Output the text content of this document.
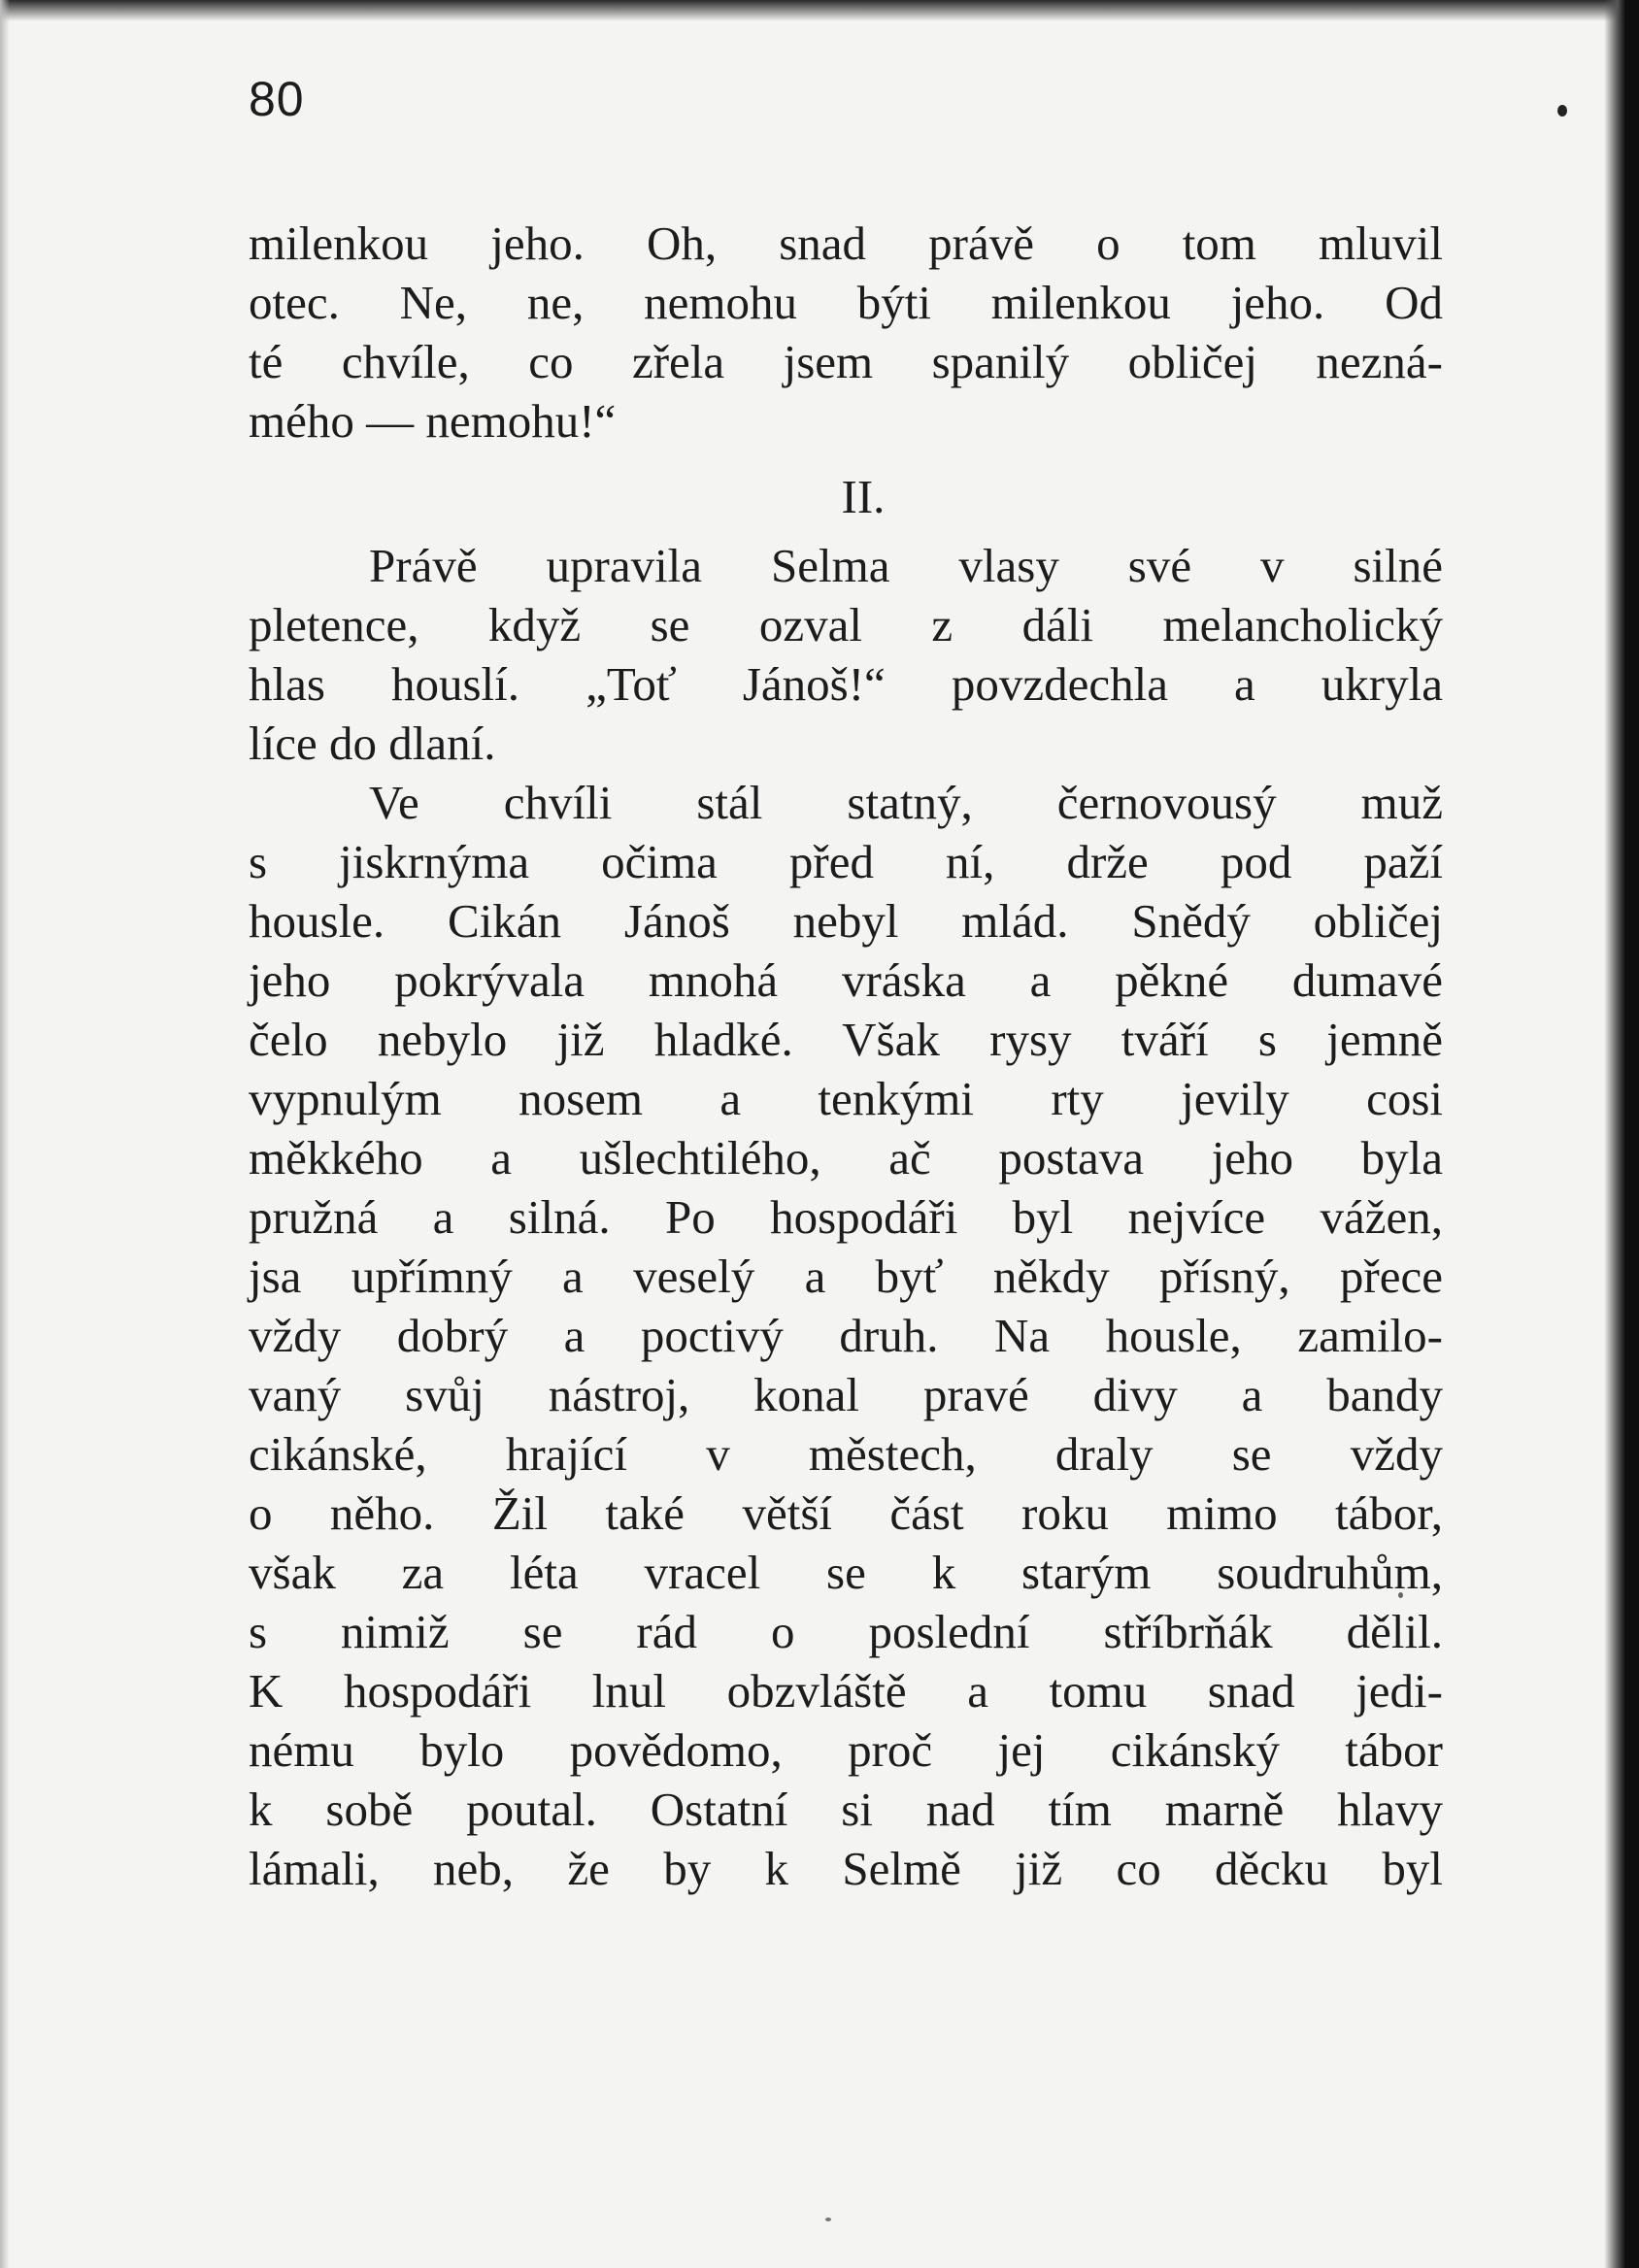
80
milenkou jeho. Oh, snad právě o tom mluvil
otec. Ne, ne, nemohu býti milenkou jeho. Od
té chvíle, co zřela jsem spanilý obličej nezná-
mého — nemohu!“
II.
Právě upravila Selma vlasy své v silné
pletence, když se ozval z dáli melancholický
hlas houslí. „Toť Jánoš!“ povzdechla a ukryla
líce do dlaní.
Ve chvíli stál statný, černovousý muž
s jiskrnýma očima před ní, drže pod paží
housle. Cikán Jánoš nebyl mlád. Snědý obličej
jeho pokrývala mnohá vráska a pěkné dumavé
čelo nebylo již hladké. Však rysy tváří s jemně
vypnulým nosem a tenkými rty jevily cosi
měkkého a ušlechtilého, ač postava jeho byla
pružná a silná. Po hospodáři byl nejvíce vážen,
jsa upřímný a veselý a byť někdy přísný, přece
vždy dobrý a poctivý druh. Na housle, zamilo-
vaný svůj nástroj, konal pravé divy a bandy
cikánské, hrající v městech, draly se vždy
o něho. Žil také větší část roku mimo tábor,
však za léta vracel se k starým soudruhům,
s nimiž se rád o poslední stříbrňák dělil.
K hospodáři lnul obzvláště a tomu snad jedi-
nému bylo povědomo, proč jej cikánský tábor
k sobě poutal. Ostatní si nad tím marně hlavy
lámali, neb, že by k Selmě již co děcku byl
